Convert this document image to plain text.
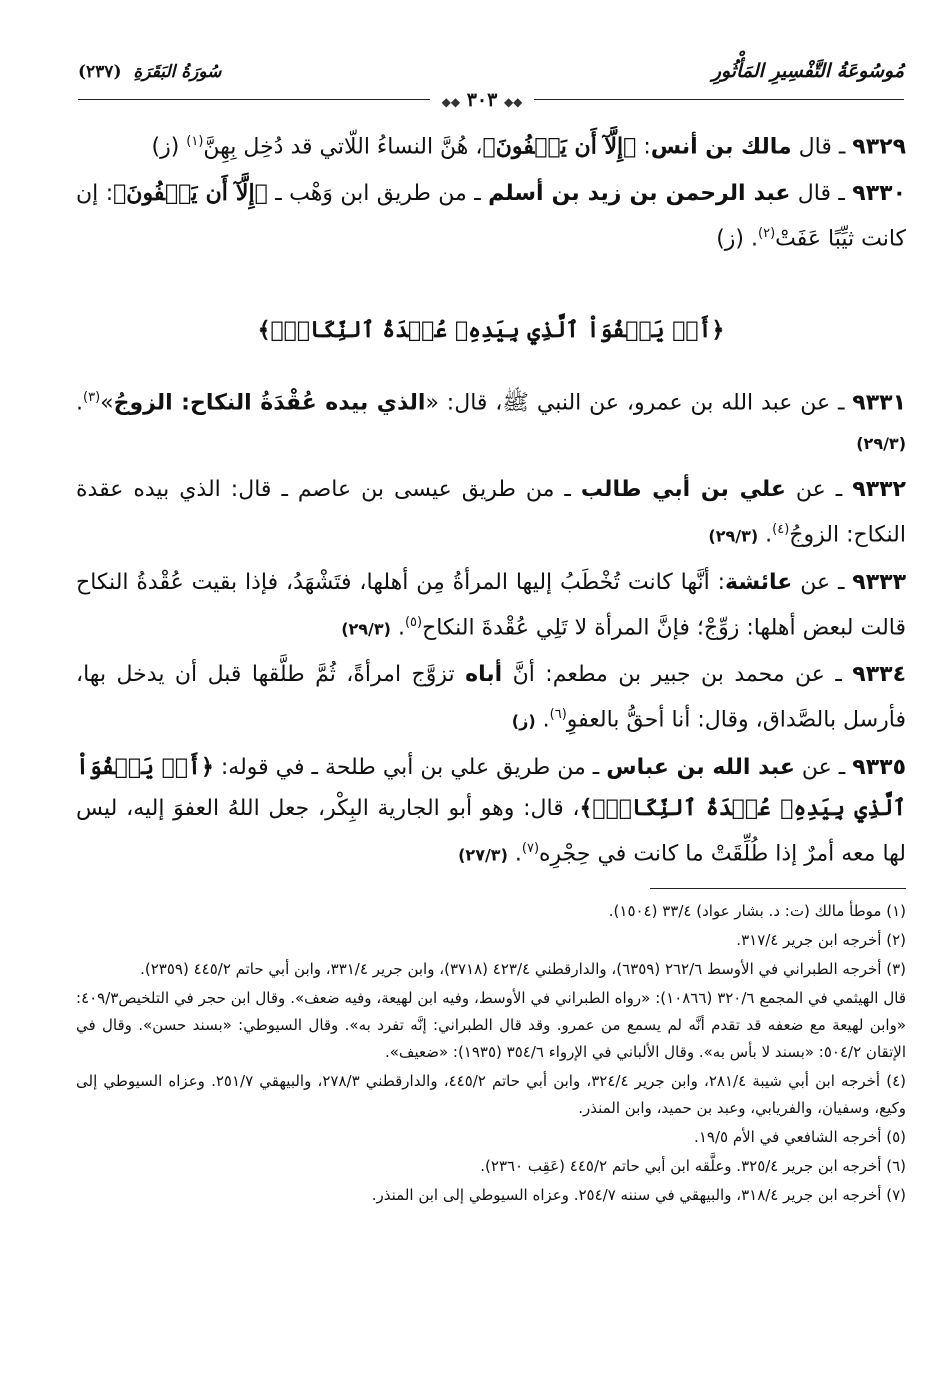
مُوسُوعَةُ التَّفْسِيرِ المَأْثُورِ
سُورَةُ البَقَرَةِ (٢٣٧)
◆◆ ٣٠٣ ◆◆

٩٣٢٩ ـ قال مالك بن أنس: ﴿إِلَّآ أَن يَعۡفُونَ﴾، هُنَّ النساءُ اللّاتي قد دُخِل بِهِنَّ$^{(١)}$ (ز)

٩٣٣٠ ـ قال عبد الرحمن بن زيد بن أسلم ـ من طريق ابن وَهْب ـ ﴿إِلَّآ أَن يَعۡفُونَ﴾: إن كانت ثيِّبًا عَفَتْ$^{(٢)}$. (ز)

﴿أَوۡ يَعۡفُوَاْ ٱلَّذِي بِيَدِهِۦ عُقۡدَةُ ٱلنِّكَاحِۚ﴾

٩٣٣١ ـ عن عبد الله بن عمرو، عن النبي ﷺ، قال: «الذي بيده عُقْدَةُ النكاح: الزوجُ»$^{(٣)}$. (٢٩/٣)

٩٣٣٢ ـ عن علي بن أبي طالب ـ من طريق عيسى بن عاصم ـ قال: الذي بيده عقدة النكاح: الزوجُ$^{(٤)}$. (٢٩/٣)

٩٣٣٣ ـ عن عائشة: أنَّها كانت تُخْطَبُ إليها المرأةُ مِن أهلها، فتَشْهَدُ، فإذا بقيت عُقْدةُ النكاح قالت لبعض أهلها: زوِّجْ؛ فإنَّ المرأة لا تَلِي عُقْدةَ النكاح$^{(٥)}$. (٢٩/٣)

٩٣٣٤ ـ عن محمد بن جبير بن مطعم: أنَّ أباه تزوَّج امرأةً، ثُمَّ طلَّقها قبل أن يدخل بها، فأرسل بالصَّداق، وقال: أنا أحقُّ بالعفوِ$^{(٦)}$. (ز)

٩٣٣٥ ـ عن عبد الله بن عباس ـ من طريق علي بن أبي طلحة ـ في قوله: ﴿أَوۡ يَعۡفُوَاْ ٱلَّذِي بِيَدِهِۦ عُقۡدَةُ ٱلنِّكَاحِۚ﴾، قال: وهو أبو الجارية البِكْر، جعل اللهُ العفوَ إليه، ليس لها معه أمرٌ إذا طُلِّقَتْ ما كانت في حِجْرِه$^{(٧)}$. (٢٧/٣)

(١) موطأ مالك (ت: د. بشار عواد) ٣٣/٤ (١٥٠٤).

(٢) أخرجه ابن جرير ٣١٧/٤.

(٣) أخرجه الطبراني في الأوسط ٢٦٢/٦ (٦٣٥٩)، والدارقطني ٤٢٣/٤ (٣٧١٨)، وابن جرير ٣٣١/٤، وابن أبي حاتم ٤٤٥/٢ (٢٣٥٩).

قال الهيثمي في المجمع ٣٢٠/٦ (١٠٨٦٦): «رواه الطبراني في الأوسط، وفيه ابن لهيعة، وفيه ضعف». وقال ابن حجر في التلخيص٤٠٩/٣: «وابن لهيعة مع ضعفه قد تقدم أنَّه لم يسمع من عمرو. وقد قال الطبراني: إنَّه تفرد به». وقال السيوطي: «بسند حسن». وقال في الإتقان ٥٠٤/٢: «بسند لا بأس به». وقال الألباني في الإرواء ٣٥٤/٦ (١٩٣٥): «ضعيف».

(٤) أخرجه ابن أبي شيبة ٢٨١/٤، وابن جرير ٣٢٤/٤، وابن أبي حاتم ٤٤٥/٢، والدارقطني ٢٧٨/٣، والبيهقي ٢٥١/٧. وعزاه السيوطي إلى وكيع، وسفيان، والفريابي، وعبد بن حميد، وابن المنذر.

(٥) أخرجه الشافعي في الأم ١٩/٥.

(٦) أخرجه ابن جرير ٣٢٥/٤. وعلَّقه ابن أبي حاتم ٤٤٥/٢ (عَقِب ٢٣٦٠).

(٧) أخرجه ابن جرير ٣١٨/٤، والبيهقي في سننه ٢٥٤/٧. وعزاه السيوطي إلى ابن المنذر.
